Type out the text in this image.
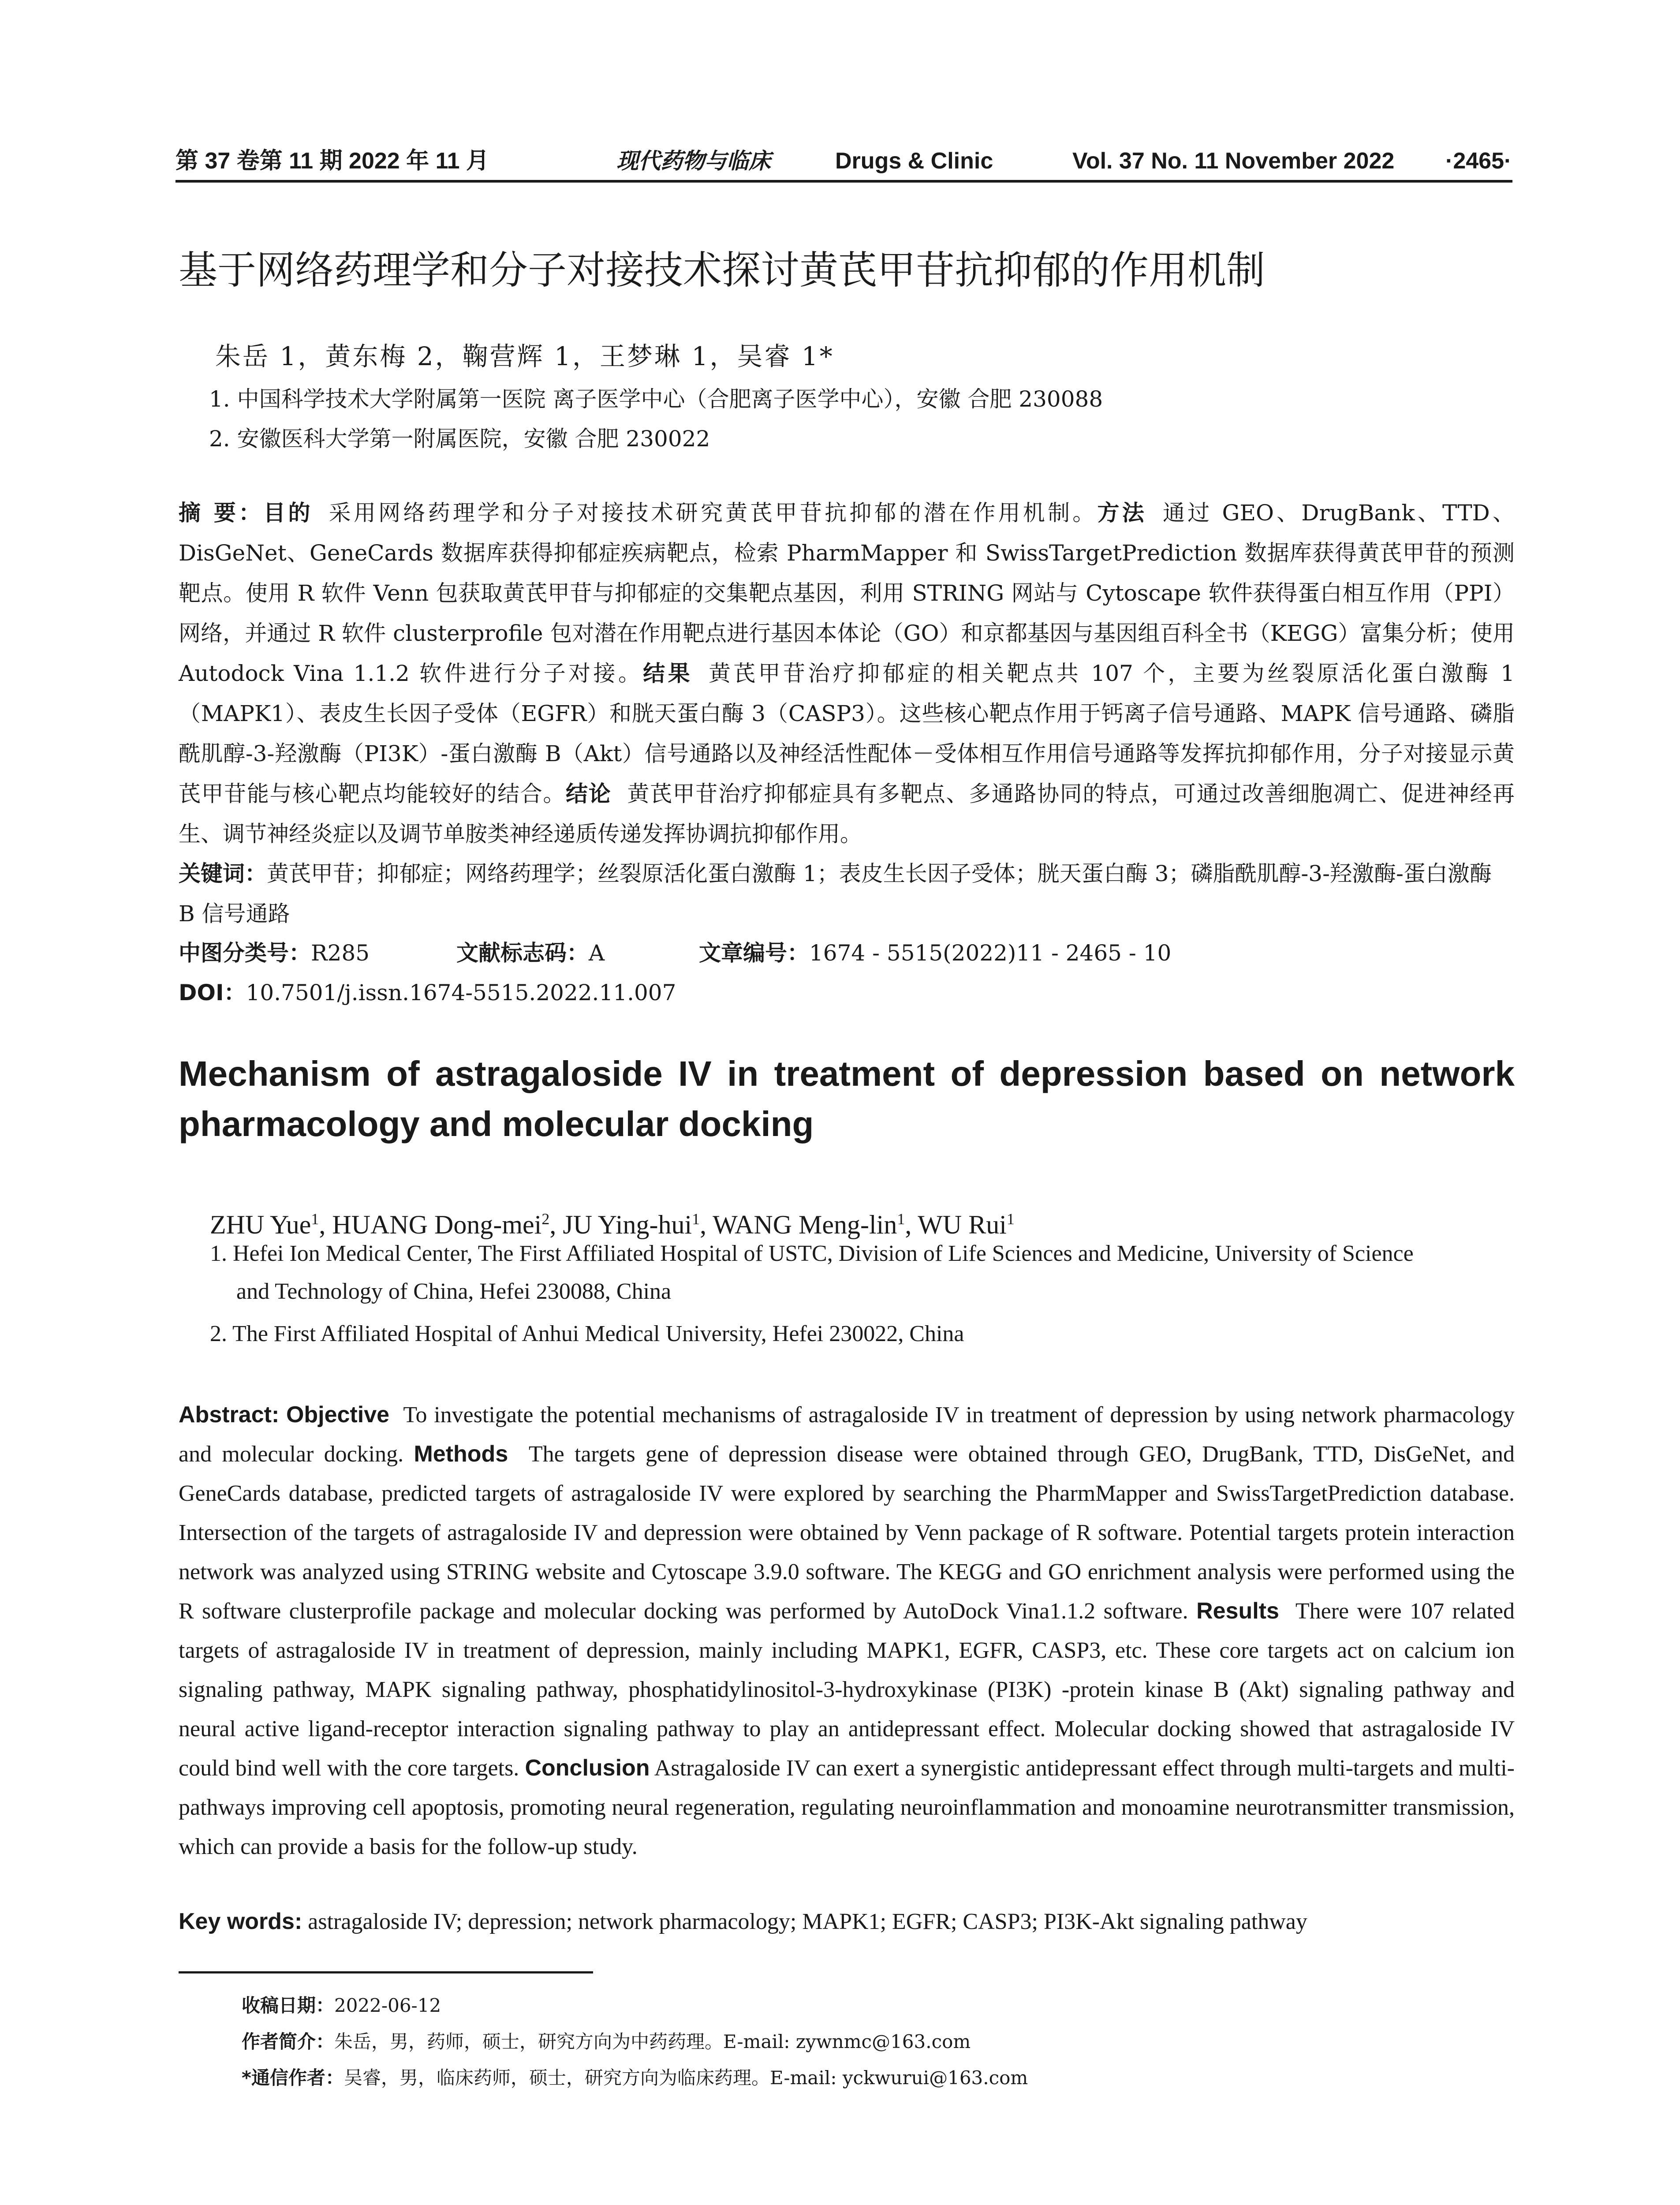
第 37 卷第 11 期 2022 年 11 月	现代药物与临床	Drugs & Clinic	Vol. 37 No. 11 November 2022 ·2465·
基于网络药理学和分子对接技术探讨黄芪甲苷抗抑郁的作用机制
朱岳 1，黄东梅 2，鞠营辉 1，王梦琳 1，吴睿 1*
1. 中国科学技术大学附属第一医院 离子医学中心（合肥离子医学中心），安徽 合肥 230088
2. 安徽医科大学第一附属医院，安徽 合肥 230022
摘 要：目的 采用网络药理学和分子对接技术研究黄芪甲苷抗抑郁的潜在作用机制。方法 通过 GEO、DrugBank、TTD、DisGeNet、GeneCards 数据库获得抑郁症疾病靶点，检索 PharmMapper 和 SwissTargetPrediction 数据库获得黄芪甲苷的预测靶点。使用 R 软件 Venn 包获取黄芪甲苷与抑郁症的交集靶点基因，利用 STRING 网站与 Cytoscape 软件获得蛋白相互作用（PPI）网络，并通过 R 软件 clusterprofile 包对潜在作用靶点进行基因本体论（GO）和京都基因与基因组百科全书（KEGG）富集分析；使用 Autodock Vina 1.1.2 软件进行分子对接。结果 黄芪甲苷治疗抑郁症的相关靶点共 107 个，主要为丝裂原活化蛋白激酶 1（MAPK1）、表皮生长因子受体（EGFR）和胱天蛋白酶 3（CASP3）。这些核心靶点作用于钙离子信号通路、MAPK 信号通路、磷脂酰肌醇-3-羟激酶（PI3K）-蛋白激酶 B（Akt）信号通路以及神经活性配体－受体相互作用信号通路等发挥抗抑郁作用，分子对接显示黄芪甲苷能与核心靶点均能较好的结合。结论 黄芪甲苷治疗抑郁症具有多靶点、多通路协同的特点，可通过改善细胞凋亡、促进神经再生、调节神经炎症以及调节单胺类神经递质传递发挥协调抗抑郁作用。
关键词：黄芪甲苷；抑郁症；网络药理学；丝裂原活化蛋白激酶 1；表皮生长因子受体；胱天蛋白酶 3；磷脂酰肌醇-3-羟激酶-蛋白激酶 B 信号通路
中图分类号：R285	文献标志码：A	文章编号：1674 - 5515(2022)11 - 2465 - 10
DOI：10.7501/j.issn.1674-5515.2022.11.007
Mechanism of astragaloside IV in treatment of depression based on network pharmacology and molecular docking
ZHU Yue$^1$, HUANG Dong-mei$^2$, JU Ying-hui$^1$, WANG Meng-lin$^1$, WU Rui$^1$
1. Hefei Ion Medical Center, The First Affiliated Hospital of USTC, Division of Life Sciences and Medicine, University of Science
and Technology of China, Hefei 230088, China
2. The First Affiliated Hospital of Anhui Medical University, Hefei 230022, China
Abstract: Objective To investigate the potential mechanisms of astragaloside IV in treatment of depression by using network pharmacology and molecular docking. Methods The targets gene of depression disease were obtained through GEO, DrugBank, TTD, DisGeNet, and GeneCards database, predicted targets of astragaloside IV were explored by searching the PharmMapper and SwissTargetPrediction database. Intersection of the targets of astragaloside IV and depression were obtained by Venn package of R software. Potential targets protein interaction network was analyzed using STRING website and Cytoscape 3.9.0 software. The KEGG and GO enrichment analysis were performed using the R software clusterprofile package and molecular docking was performed by AutoDock Vina1.1.2 software. Results There were 107 related targets of astragaloside IV in treatment of depression, mainly including MAPK1, EGFR, CASP3, etc. These core targets act on calcium ion signaling pathway, MAPK signaling pathway, phosphatidylinositol-3-hydroxykinase (PI3K) -protein kinase B (Akt) signaling pathway and neural active ligand-receptor interaction signaling pathway to play an antidepressant effect. Molecular docking showed that astragaloside IV could bind well with the core targets. Conclusion Astragaloside IV can exert a synergistic antidepressant effect through multi-targets and multi-pathways improving cell apoptosis, promoting neural regeneration, regulating neuroinflammation and monoamine neurotransmitter transmission, which can provide a basis for the follow-up study.
Key words: astragaloside IV; depression; network pharmacology; MAPK1; EGFR; CASP3; PI3K-Akt signaling pathway
收稿日期：2022-06-12
作者简介：朱岳，男，药师，硕士，研究方向为中药药理。E-mail: zywnmc@163.com
*通信作者：吴睿，男，临床药师，硕士，研究方向为临床药理。E-mail: yckwurui@163.com
